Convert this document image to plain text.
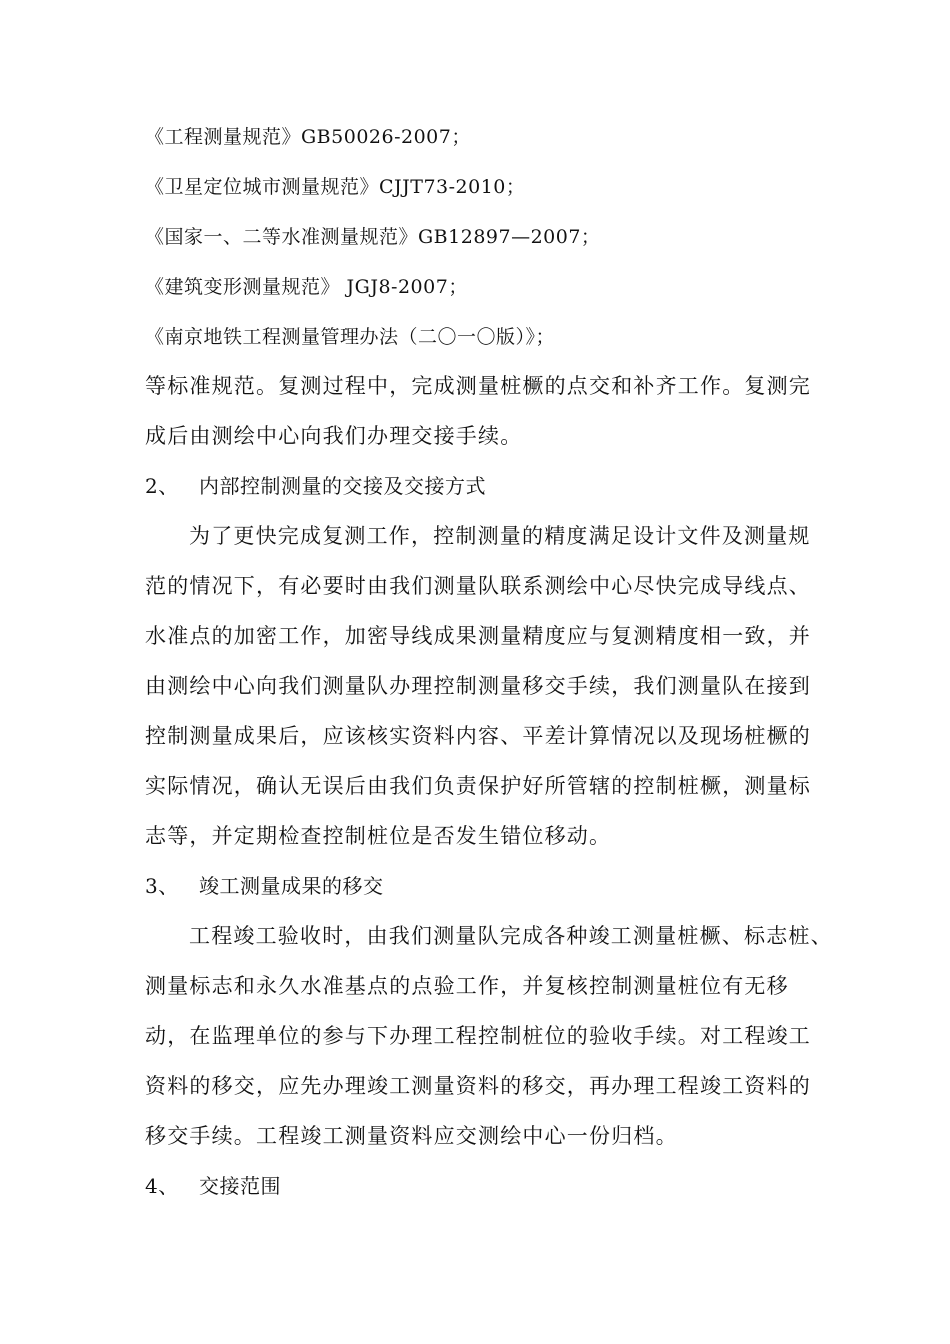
《工程测量规范》GB50026-2007；
《卫星定位城市测量规范》CJJT73-2010；
《国家一、二等水准测量规范》GB12897—2007；
《建筑变形测量规范》 JGJ8-2007；
《南京地铁工程测量管理办法（二〇一〇版）》；
等标准规范。复测过程中，完成测量桩橛的点交和补齐工作。复测完
成后由测绘中心向我们办理交接手续。
2、 内部控制测量的交接及交接方式
为了更快完成复测工作，控制测量的精度满足设计文件及测量规
范的情况下，有必要时由我们测量队联系测绘中心尽快完成导线点、
水准点的加密工作，加密导线成果测量精度应与复测精度相一致，并
由测绘中心向我们测量队办理控制测量移交手续，我们测量队在接到
控制测量成果后，应该核实资料内容、平差计算情况以及现场桩橛的
实际情况，确认无误后由我们负责保护好所管辖的控制桩橛，测量标
志等，并定期检查控制桩位是否发生错位移动。
3、 竣工测量成果的移交
工程竣工验收时，由我们测量队完成各种竣工测量桩橛、标志桩、
测量标志和永久水准基点的点验工作，并复核控制测量桩位有无移
动，在监理单位的参与下办理工程控制桩位的验收手续。对工程竣工
资料的移交，应先办理竣工测量资料的移交，再办理工程竣工资料的
移交手续。工程竣工测量资料应交测绘中心一份归档。
4、 交接范围
